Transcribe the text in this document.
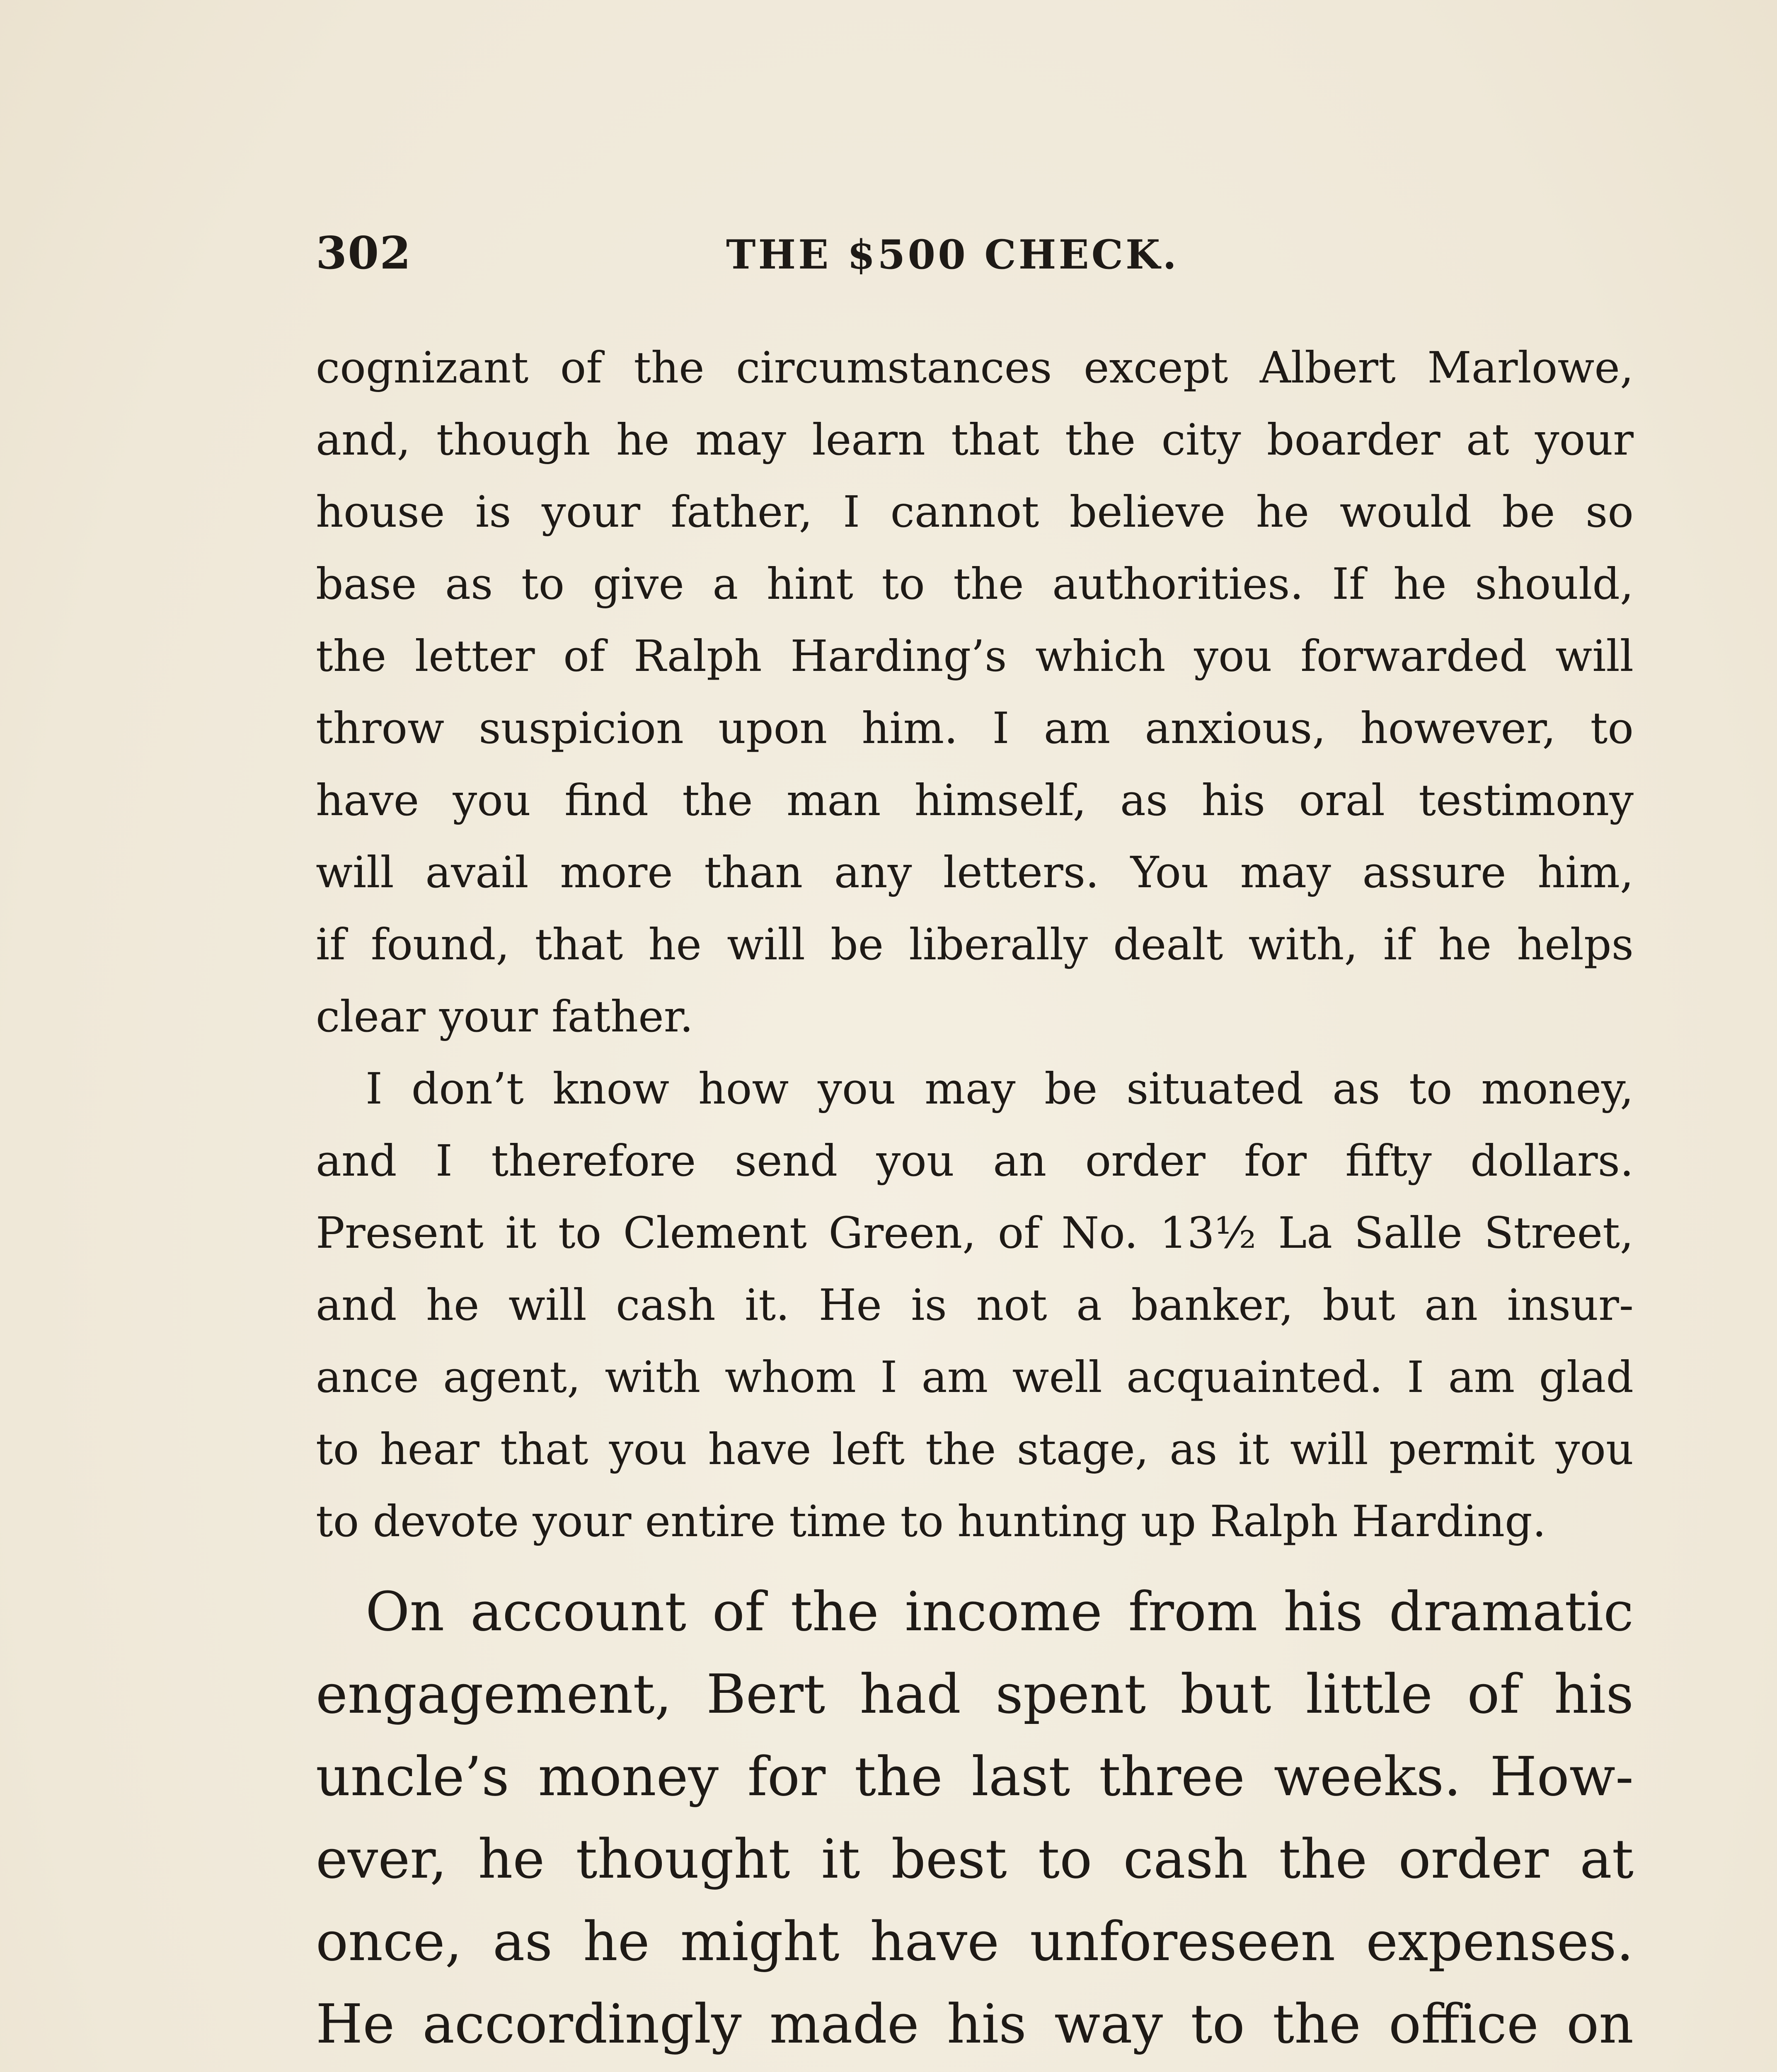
302	THE $500 CHECK.
cognizant of the circumstances except Albert Marlowe,
and, though he may learn that the city boarder at your
house is your father, I cannot believe he would be so
base as to give a hint to the authorities. If he should,
the letter of Ralph Harding’s which you forwarded will
throw suspicion upon him. I am anxious, however, to
have you find the man himself, as his oral testimony
will avail more than any letters. You may assure him,
if found, that he will be liberally dealt with, if he helps
clear your father.
I don’t know how you may be situated as to money,
and I therefore send you an order for fifty dollars.
Present it to Clement Green, of No. 13½ La Salle Street,
and he will cash it. He is not a banker, but an insur-
ance agent, with whom I am well acquainted. I am glad
to hear that you have left the stage, as it will permit you
to devote your entire time to hunting up Ralph Harding.
On account of the income from his dramatic
engagement, Bert had spent but little of his
uncle’s money for the last three weeks. How-
ever, he thought it best to cash the order at
once, as he might have unforeseen expenses.
He accordingly made his way to the office on
